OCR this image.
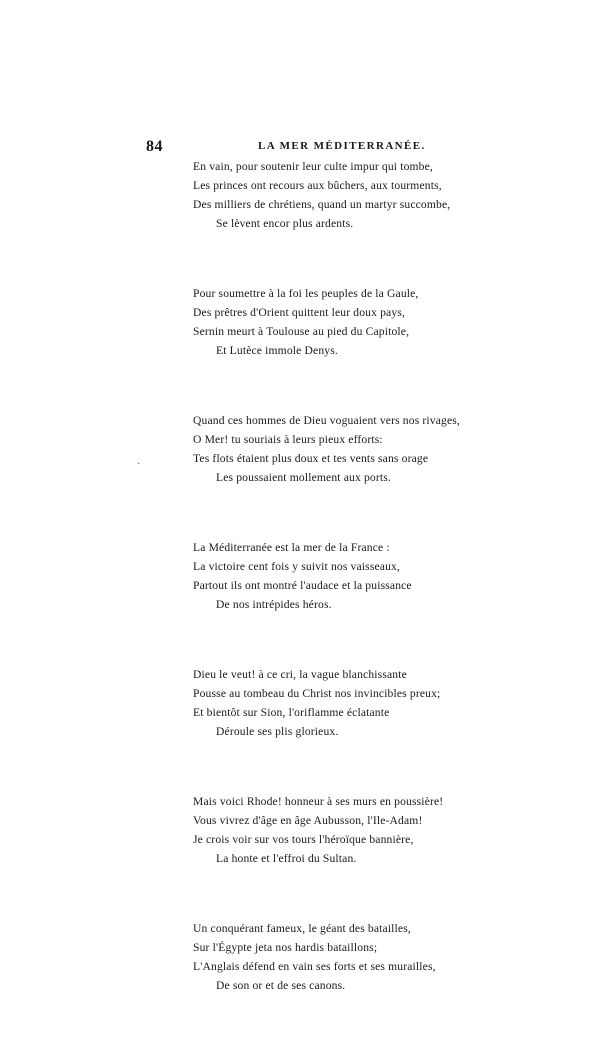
84	LA MER MÉDITERRANÉE.
·
En vain, pour soutenir leur culte impur qui tombe,
Les princes ont recours aux bûchers, aux tourments,
Des milliers de chrétiens, quand un martyr succombe,
Se lèvent encor plus ardents.
Pour soumettre à la foi les peuples de la Gaule,
Des prêtres d'Orient quittent leur doux pays,
Sernin meurt à Toulouse au pied du Capitole,
Et Lutèce immole Denys.
Quand ces hommes de Dieu voguaient vers nos rivages,
O Mer! tu souriais à leurs pieux efforts:
Tes flots étaient plus doux et tes vents sans orage
Les poussaient mollement aux ports.
La Méditerranée est la mer de la France :
La victoire cent fois y suivit nos vaisseaux,
Partout ils ont montré l'audace et la puissance
De nos intrépides héros.
Dieu le veut! à ce cri, la vague blanchissante
Pousse au tombeau du Christ nos invincibles preux;
Et bientôt sur Sion, l'oriflamme éclatante
Déroule ses plis glorieux.
Mais voici Rhode! honneur à ses murs en poussière!
Vous vivrez d'âge en âge Aubusson, l'Ile-Adam!
Je crois voir sur vos tours l'héroïque bannière,
La honte et l'effroi du Sultan.
Un conquérant fameux, le géant des batailles,
Sur l'Égypte jeta nos hardis bataillons;
L'Anglais défend en vain ses forts et ses murailles,
De son or et de ses canons.
